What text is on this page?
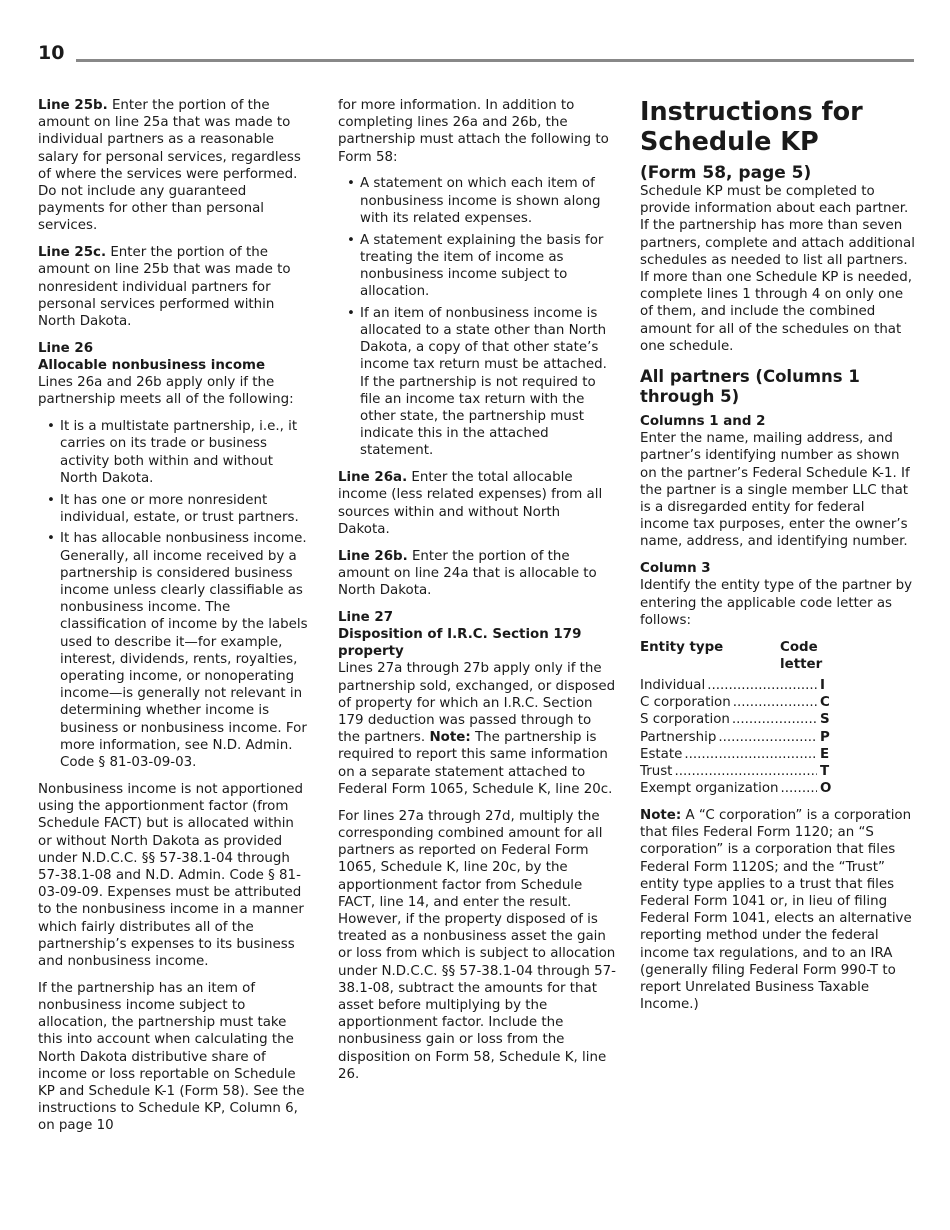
10

Line 25b. Enter the portion of the amount on line 25a that was made to individual partners as a reasonable salary for personal services, regardless of where the services were performed. Do not include any guaranteed payments for other than personal services.

Line 25c. Enter the portion of the amount on line 25b that was made to nonresident individual partners for personal services performed within North Dakota.

Line 26
Allocable nonbusiness income
Lines 26a and 26b apply only if the partnership meets all of the following:
• It is a multistate partnership, i.e., it carries on its trade or business activity both within and without North Dakota.
• It has one or more nonresident individual, estate, or trust partners.
• It has allocable nonbusiness income. Generally, all income received by a partnership is considered business income unless clearly classifiable as nonbusiness income. The classification of income by the labels used to describe it—for example, interest, dividends, rents, royalties, operating income, or nonoperating income—is generally not relevant in determining whether income is business or nonbusiness income. For more information, see N.D. Admin. Code § 81-03-09-03.

Nonbusiness income is not apportioned using the apportionment factor (from Schedule FACT) but is allocated within or without North Dakota as provided under N.D.C.C. §§ 57-38.1-04 through 57-38.1-08 and N.D. Admin. Code § 81-03-09-09. Expenses must be attributed to the nonbusiness income in a manner which fairly distributes all of the partnership’s expenses to its business and nonbusiness income.

If the partnership has an item of nonbusiness income subject to allocation, the partnership must take this into account when calculating the North Dakota distributive share of income or loss reportable on Schedule KP and Schedule K-1 (Form 58). See the instructions to Schedule KP, Column 6, on page 10

for more information. In addition to completing lines 26a and 26b, the partnership must attach the following to Form 58:

• A statement on which each item of nonbusiness income is shown along with its related expenses.
• A statement explaining the basis for treating the item of income as nonbusiness income subject to allocation.
• If an item of nonbusiness income is allocated to a state other than North Dakota, a copy of that other state’s income tax return must be attached. If the partnership is not required to file an income tax return with the other state, the partnership must indicate this in the attached statement.

Line 26a. Enter the total allocable income (less related expenses) from all sources within and without North Dakota.

Line 26b. Enter the portion of the amount on line 24a that is allocable to North Dakota.

Line 27
Disposition of I.R.C. Section 179 property
Lines 27a through 27b apply only if the partnership sold, exchanged, or disposed of property for which an I.R.C. Section 179 deduction was passed through to the partners. Note: The partnership is required to report this same information on a separate statement attached to Federal Form 1065, Schedule K, line 20c.

For lines 27a through 27d, multiply the corresponding combined amount for all partners as reported on Federal Form 1065, Schedule K, line 20c, by the apportionment factor from Schedule FACT, line 14, and enter the result. However, if the property disposed of is treated as a nonbusiness asset the gain or loss from which is subject to allocation under N.D.C.C. §§ 57-38.1-04 through 57-38.1-08, subtract the amounts for that asset before multiplying by the apportionment factor. Include the nonbusiness gain or loss from the disposition on Form 58, Schedule K, line 26.

Instructions for Schedule KP
(Form 58, page 5)

Schedule KP must be completed to provide information about each partner. If the partnership has more than seven partners, complete and attach additional schedules as needed to list all partners. If more than one Schedule KP is needed, complete lines 1 through 4 on only one of them, and include the combined amount for all of the schedules on that one schedule.

All partners (Columns 1 through 5)
Columns 1 and 2
Enter the name, mailing address, and partner’s identifying number as shown on the partner’s Federal Schedule K-1. If the partner is a single member LLC that is a disregarded entity for federal income tax purposes, enter the owner’s name, address, and identifying number.
Column 3
Identify the entity type of the partner by entering the applicable code letter as follows:
Entity type	Code letter
Individual .....	I
C corporation .....	C
S corporation .....	S
Partnership .....	P
Estate .....	E
Trust .....	T
Exempt organization .....	O

Note: A “C corporation” is a corporation that files Federal Form 1120; an “S corporation” is a corporation that files Federal Form 1120S; and the “Trust” entity type applies to a trust that files Federal Form 1041 or, in lieu of filing Federal Form 1041, elects an alternative reporting method under the federal income tax regulations, and to an IRA (generally filing Federal Form 990-T to report Unrelated Business Taxable Income.)
